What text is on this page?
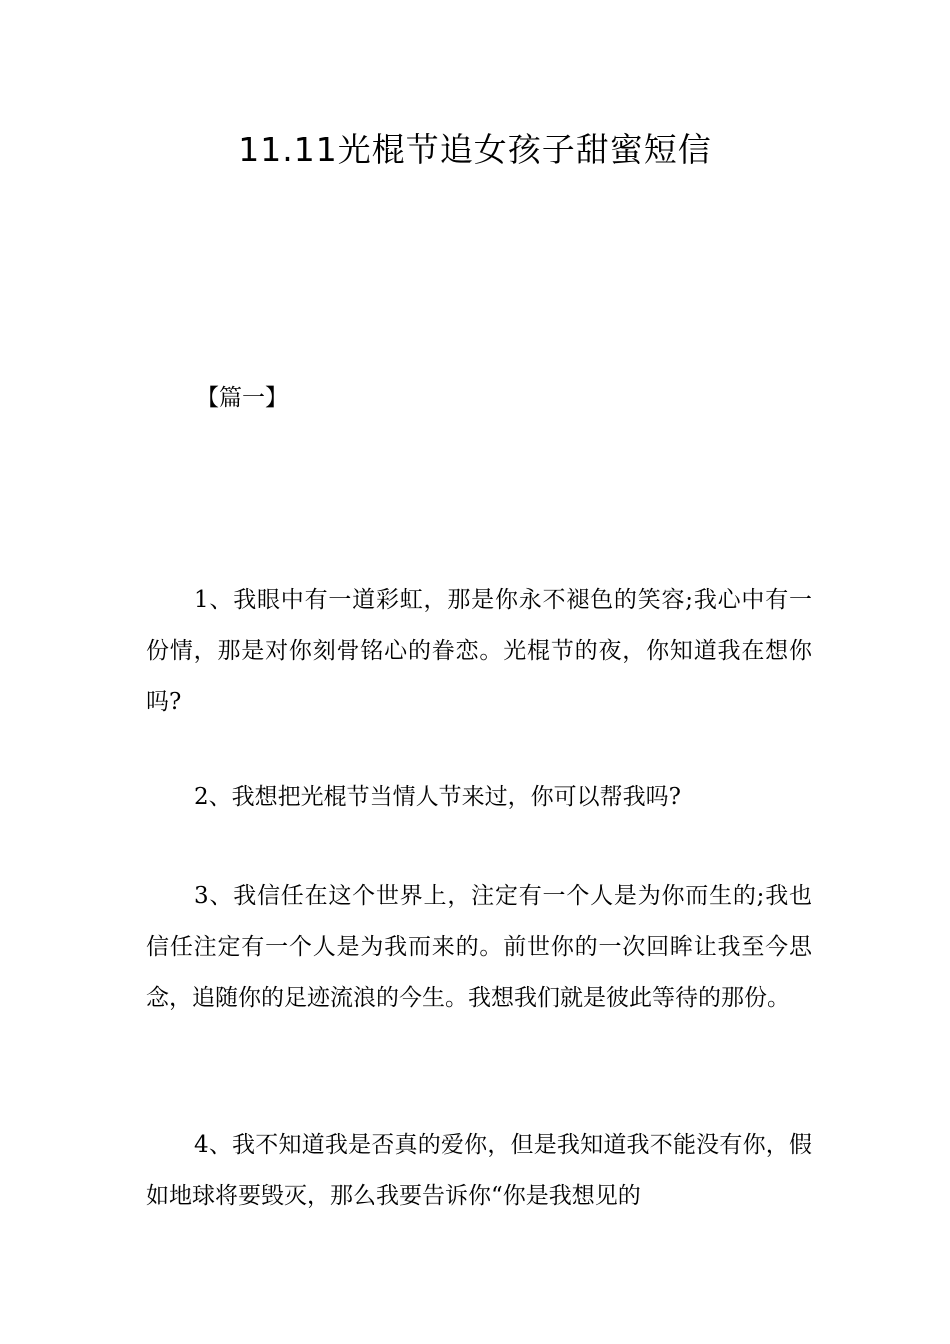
11.11光棍节追女孩子甜蜜短信

【篇一】

1、我眼中有一道彩虹，那是你永不褪色的笑容;我心中有一份情，那是对你刻骨铭心的眷恋。光棍节的夜，你知道我在想你吗?

2、我想把光棍节当情人节来过，你可以帮我吗?

3、我信任在这个世界上，注定有一个人是为你而生的;我也信任注定有一个人是为我而来的。前世你的一次回眸让我至今思念，追随你的足迹流浪的今生。我想我们就是彼此等待的那份。

4、我不知道我是否真的爱你，但是我知道我不能没有你，假如地球将要毁灭，那么我要告诉你“你是我想见的
